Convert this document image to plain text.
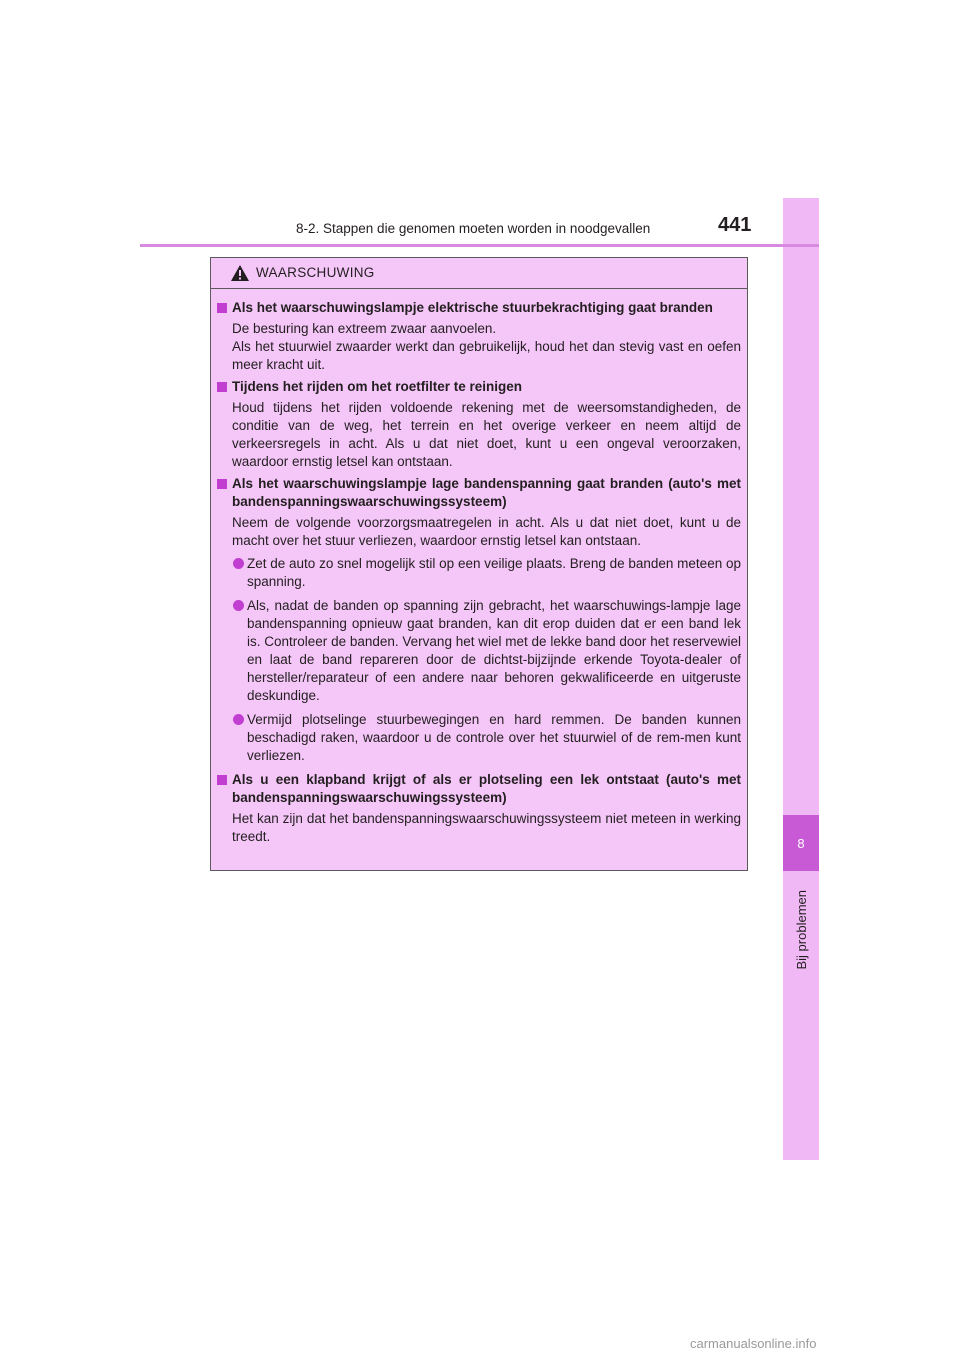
8
Bij problemen
8-2. Stappen die genomen moeten worden in noodgevallen	441
WAARSCHUWING
Als het waarschuwingslampje elektrische stuurbekrachtiging gaat branden
De besturing kan extreem zwaar aanvoelen.
Als het stuurwiel zwaarder werkt dan gebruikelijk, houd het dan stevig vast en oefen meer kracht uit.
Tijdens het rijden om het roetfilter te reinigen
Houd tijdens het rijden voldoende rekening met de weersomstandigheden, de conditie van de weg, het terrein en het overige verkeer en neem altijd de verkeersregels in acht. Als u dat niet doet, kunt u een ongeval veroorzaken, waardoor ernstig letsel kan ontstaan.
Als het waarschuwingslampje lage bandenspanning gaat branden (auto's met bandenspanningswaarschuwingssysteem)
Neem de volgende voorzorgsmaatregelen in acht. Als u dat niet doet, kunt u de macht over het stuur verliezen, waardoor ernstig letsel kan ontstaan.
Zet de auto zo snel mogelijk stil op een veilige plaats. Breng de banden meteen op spanning.
Als, nadat de banden op spanning zijn gebracht, het waarschuwings-lampje lage bandenspanning opnieuw gaat branden, kan dit erop duiden dat er een band lek is. Controleer de banden. Vervang het wiel met de lekke band door het reservewiel en laat de band repareren door de dichtst-bijzijnde erkende Toyota-dealer of hersteller/reparateur of een andere naar behoren gekwalificeerde en uitgeruste deskundige.
Vermijd plotselinge stuurbewegingen en hard remmen. De banden kunnen beschadigd raken, waardoor u de controle over het stuurwiel of de rem-men kunt verliezen.
Als u een klapband krijgt of als er plotseling een lek ontstaat (auto's met bandenspanningswaarschuwingssysteem)
Het kan zijn dat het bandenspanningswaarschuwingssysteem niet meteen in werking treedt.
carmanualsonline.info
